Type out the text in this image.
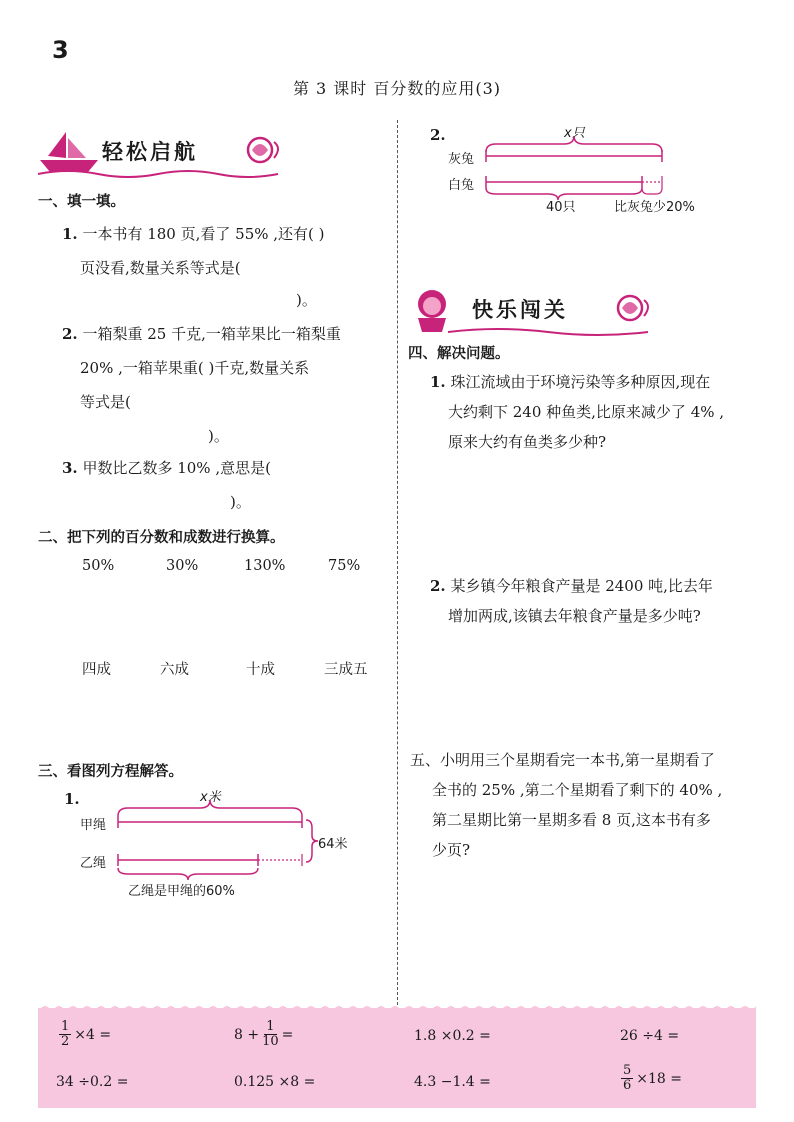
3
第 3 课时 百分数的应用(3)
轻松启航
快乐闯关
一、填一填。
1. 一本书有 180 页,看了 55% ,还有( )
页没看,数量关系等式是(
)。
2. 一箱梨重 25 千克,一箱苹果比一箱梨重
20% ,一箱苹果重( )千克,数量关系
等式是(
)。
3. 甲数比乙数多 10% ,意思是(
)。
二、把下列的百分数和成数进行换算。
50%	30%	130%	75%
四成	六成	十成	三成五
三、看图列方程解答。
1.	x米
甲绳
乙绳
64米
乙绳是甲绳的60%
2.	x只
灰兔
白兔
40只	比灰兔少20%
四、解决问题。
1. 珠江流域由于环境污染等多种原因,现在
大约剩下 240 种鱼类,比原来减少了 4% ,
原来大约有鱼类多少种?
2. 某乡镇今年粮食产量是 2400 吨,比去年
增加两成,该镇去年粮食产量是多少吨?
五、小明用三个星期看完一本书,第一星期看了
全书的 25% ,第二个星期看了剩下的 40% ,
第二星期比第一星期多看 8 页,这本书有多
少页?
$\frac{1}{2} \times 4$ =	$8 + \frac{1}{10}$ =	1.8 ×0.2 =	26 ÷4 =
34 ÷0.2 =	0.125 ×8 =	4.3 −1.4 =	$\frac{5}{6} \times 18$ =
